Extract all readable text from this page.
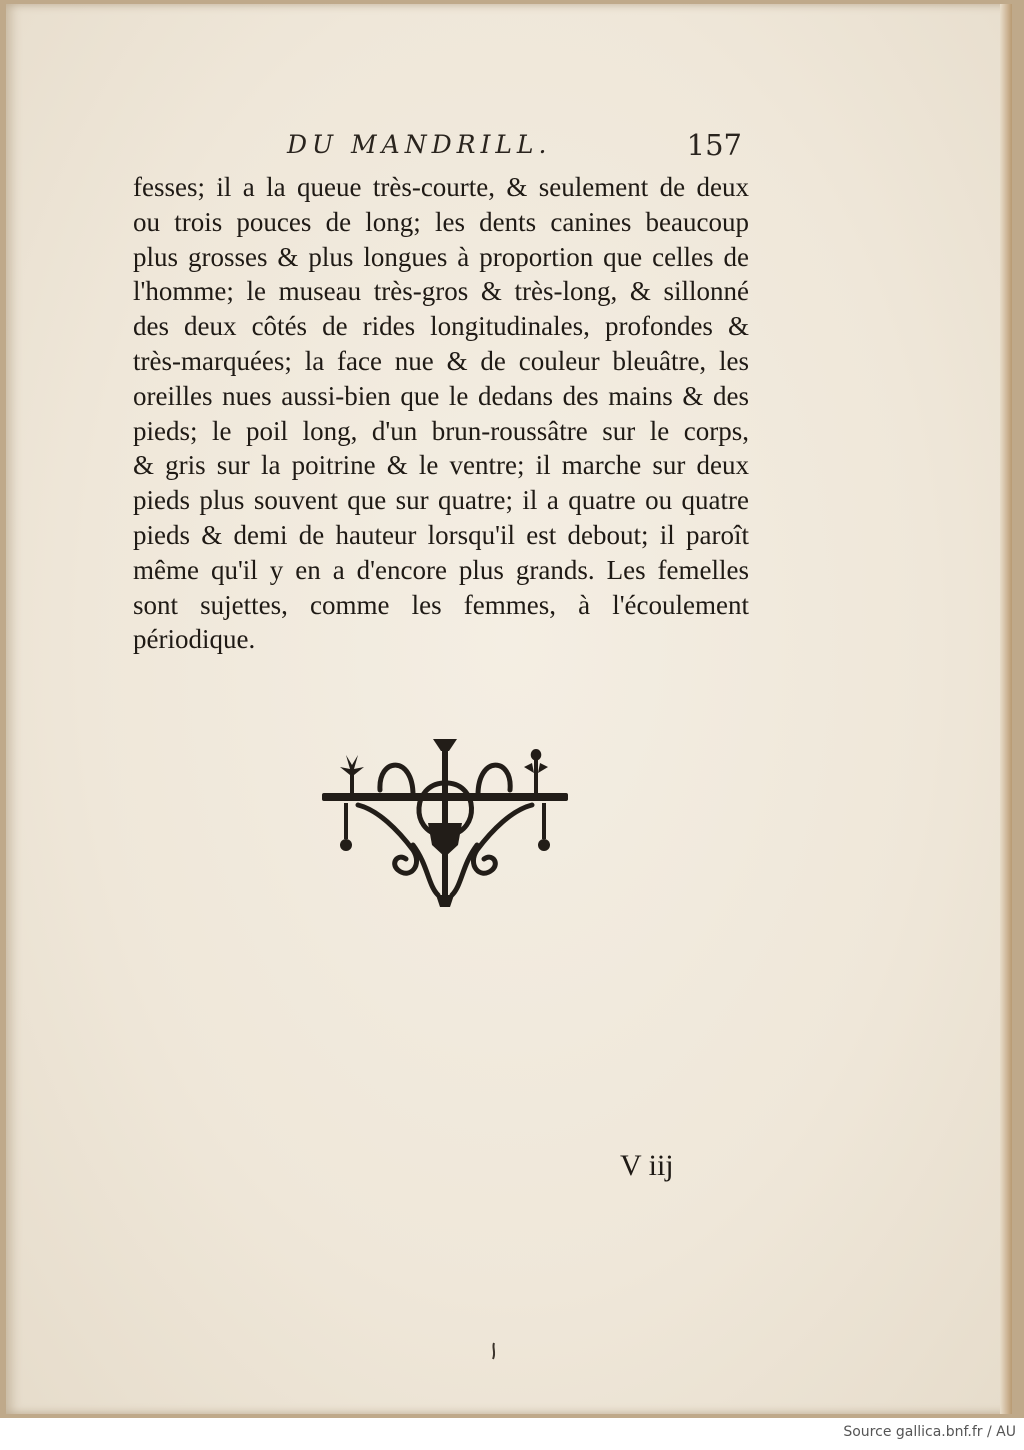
DU MANDRILL.	157
fesses; il a la queue très-courte, & seulement de deux
ou trois pouces de long; les dents canines beaucoup
plus grosses & plus longues à proportion que celles de
l'homme; le museau très-gros & très-long, & sillonné
des deux côtés de rides longitudinales, profondes &
très-marquées; la face nue & de couleur bleuâtre, les
oreilles nues aussi-bien que le dedans des mains & des
pieds; le poil long, d'un brun-roussâtre sur le corps,
& gris sur la poitrine & le ventre; il marche sur deux
pieds plus souvent que sur quatre; il a quatre ou quatre
pieds & demi de hauteur lorsqu'il est debout; il paroît
même qu'il y en a d'encore plus grands. Les femelles
sont sujettes, comme les femmes, à l'écoulement
périodique.
V iij
Source gallica.bnf.fr / AU
